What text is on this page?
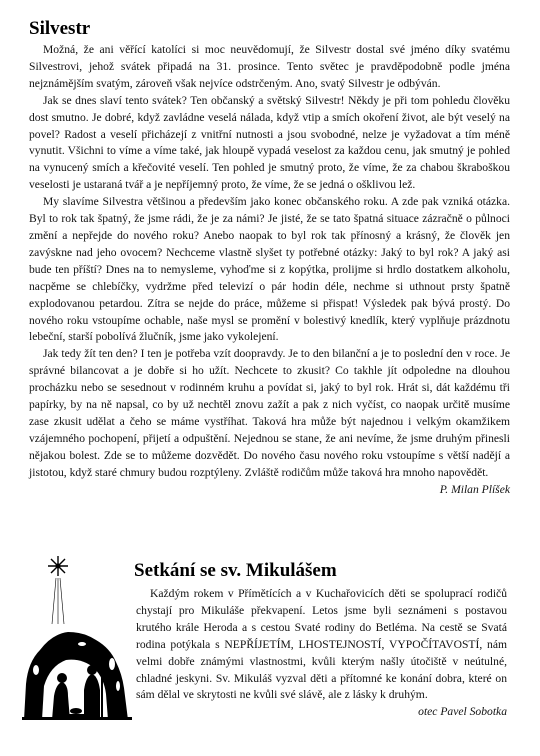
Silvestr

Možná, že ani věřící katolíci si moc neuvědomují, že Silvestr dostal své jméno díky svatému Silvestrovi, jehož svátek připadá na 31. prosince. Tento světec je pravděpodobně podle jména nejznámějším svatým, zároveň však nejvíce odstrčeným. Ano, svatý Silvestr je odbýván.

Jak se dnes slaví tento svátek? Ten občanský a světský Silvestr! Někdy je při tom pohledu člověku dost smutno. Je dobré, když zavládne veselá nálada, když vtip a smích okoření život, ale být veselý na povel? Radost a veselí přicházejí z vnitřní nutnosti a jsou svobodné, nelze je vyžadovat a tím méně vynutit. Všichni to víme a víme také, jak hloupě vypadá veselost za každou cenu, jak smutný je pohled na vynucený smích a křečovité veselí. Ten pohled je smutný proto, že víme, že za chabou škraboškou veselosti je ustaraná tvář a je nepříjemný proto, že víme, že se jedná o ošklivou lež.

My slavíme Silvestra většinou a především jako konec občanského roku. A zde pak vzniká otázka. Byl to rok tak špatný, že jsme rádi, že je za námi? Je jisté, že se tato špatná situace zázračně o půlnoci změní a nepřejde do nového roku? Anebo naopak to byl rok tak přínosný a krásný, že člověk jen zavýskne nad jeho ovocem? Nechceme vlastně slyšet ty potřebné otázky: Jaký to byl rok? A jaký asi bude ten příští? Dnes na to nemysleme, vyhoďme si z kopýtka, prolijme si hrdlo dostatkem alkoholu, nacpěme se chlebíčky, vydržme před televizí o pár hodin déle, nechme si uthnout prsty špatně explodovanou petardou. Zítra se nejde do práce, můžeme si přispat! Výsledek pak bývá prostý. Do nového roku vstoupíme ochable, naše mysl se promění v bolestivý knedlík, který vyplňuje prázdnotu lebeční, starší pobolívá žlučník, jsme jako vykolejení.

Jak tedy žít ten den? I ten je potřeba vzít doopravdy. Je to den bilanční a je to poslední den v roce. Je správné bilancovat a je dobře si ho užít. Nechcete to zkusit? Co takhle jít odpoledne na dlouhou procházku nebo se sesednout v rodinném kruhu a povídat si, jaký to byl rok. Hrát si, dát každému tři papírky, by na ně napsal, co by už nechtěl znovu zažít a pak z nich vyčíst, co naopak určitě musíme zase zkusit udělat a čeho se máme vystříhat. Taková hra může být najednou i velkým okamžikem vzájemného pochopení, přijetí a odpuštění. Nejednou se stane, že ani nevíme, že jsme druhým přinesli nějakou bolest. Zde se to můžeme dozvědět. Do nového času nového roku vstoupíme s větší nadějí a jistotou, když staré chmury budou rozptýleny. Zvláště rodičům může taková hra mnoho napovědět.

P. Milan Plíšek

Setkání se sv. Mikulášem

Každým rokem v Přímětících a v Kuchařovicích děti se spoluprací rodičů chystají pro Mikuláše překvapení. Letos jsme byli seznámeni s postavou krutého krále Heroda a s cestou Svaté rodiny do Betléma. Na cestě se Svatá rodina potýkala s NEPŘÍJETÍM, LHOSTEJNOSTÍ, VYPOČÍTAVOSTÍ, nám velmi dobře známými vlastnostmi, kvůli kterým našly útočiště v neútulné, chladné jeskyni. Sv. Mikuláš vyzval děti a přítomné ke konání dobra, které on sám dělal ve skrytosti ne kvůli své slávě, ale z lásky k druhým.

otec Pavel Sobotka
